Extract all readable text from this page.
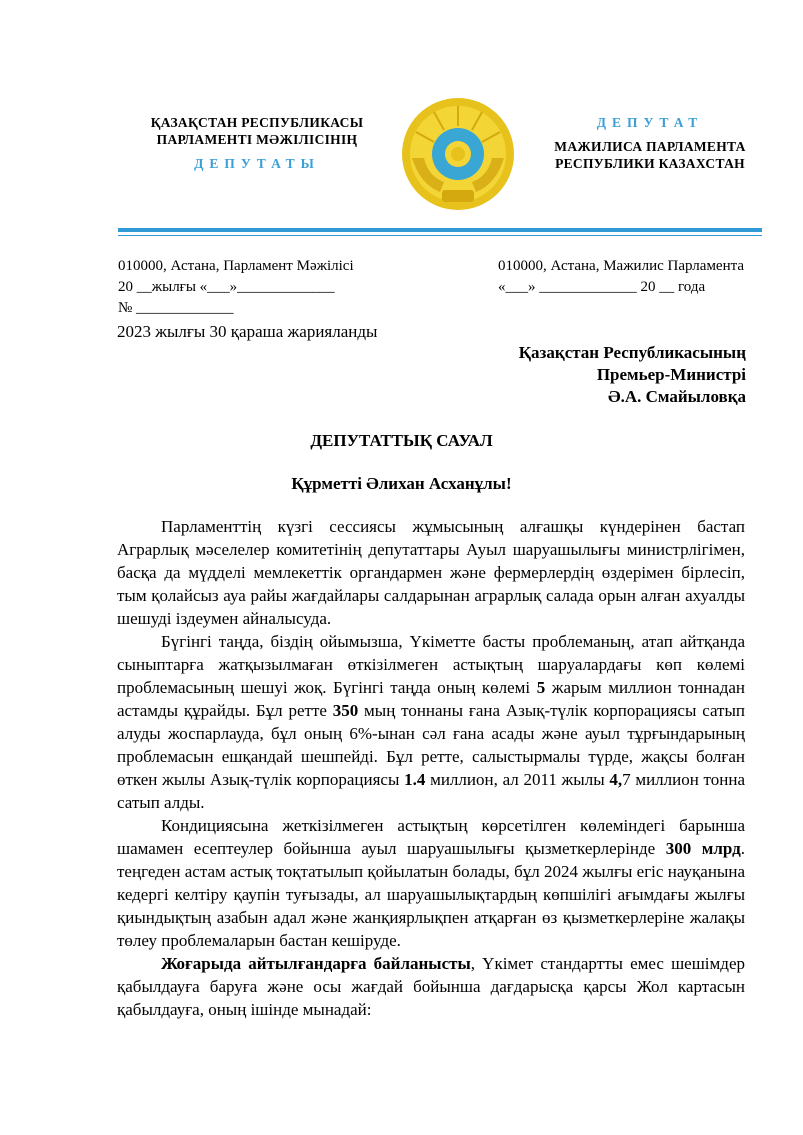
ҚАЗАҚСТАН РЕСПУБЛИКАСЫ
ПАРЛАМЕНТІ МӘЖІЛІСІНІҢ
ДЕПУТАТЫ
ДЕПУТАТ
МАЖИЛИСА ПАРЛАМЕНТА
РЕСПУБЛИКИ КАЗАХСТАН
010000, Астана, Парламент Мәжілісі
20 __жылғы «___»_____________
№ _____________
010000, Астана, Мажилис Парламента
«___» _____________ 20 __ года
2023 жылғы 30 қараша жарияланды
Қазақстан Республикасының
Премьер-Министрі
Ә.А. Смайыловқа
ДЕПУТАТТЫҚ САУАЛ
Құрметті Әлихан Асханұлы!

Парламенттің күзгі сессиясы жұмысының алғашқы күндерінен бастап Аграрлық мәселелер комитетінің депутаттары Ауыл шаруашылығы министрлігімен, басқа да мүдделі мемлекеттік органдармен және фермерлердің өздерімен бірлесіп, тым қолайсыз ауа райы жағдайлары салдарынан аграрлық салада орын алған ахуалды шешуді іздеумен айналысуда.

Бүгінгі таңда, біздің ойымызша, Үкіметте басты проблеманың, атап айтқанда сыныптарға жатқызылмаған өткізілмеген астықтың шаруалардағы көп көлемі проблемасының шешуі жоқ. Бүгінгі таңда оның көлемі 5 жарым миллион тоннадан астамды құрайды. Бұл ретте 350 мың тоннаны ғана Азық-түлік корпорациясы сатып алуды жоспарлауда, бұл оның 6%-ынан сәл ғана асады және ауыл тұрғындарының проблемасын ешқандай шешпейді. Бұл ретте, салыстырмалы түрде, жақсы болған өткен жылы Азық-түлік корпорациясы 1.4 миллион, ал 2011 жылы 4,7 миллион тонна сатып алды.

Кондициясына жеткізілмеген астықтың көрсетілген көлеміндегі барынша шамамен есептеулер бойынша ауыл шаруашылығы қызметкерлерінде 300 млрд. теңгеден астам астық тоқтатылып қойылатын болады, бұл 2024 жылғы егіс науқанына кедергі келтіру қаупін туғызады, ал шаруашылықтардың көпшілігі ағымдағы жылғы қиындықтың азабын адал және жанқиярлықпен атқарған өз қызметкерлеріне жалақы төлеу проблемаларын бастан кешіруде.

Жоғарыда айтылғандарға байланысты, Үкімет стандартты емес шешімдер қабылдауға баруға және осы жағдай бойынша дағдарысқа қарсы Жол картасын қабылдауға, оның ішінде мынадай:
